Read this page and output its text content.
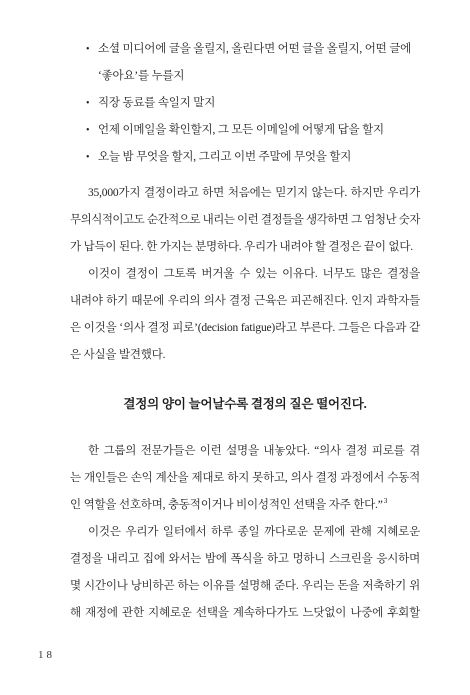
• 소셜 미디어에 글을 올릴지, 올린다면 어떤 글을 올릴지, 어떤 글에
‘좋아요’를 누를지
• 직장 동료를 속일지 말지
• 언제 이메일을 확인할지, 그 모든 이메일에 어떻게 답을 할지
• 오늘 밤 무엇을 할지, 그리고 이번 주말에 무엇을 할지
35,000가지 결정이라고 하면 처음에는 믿기지 않는다. 하지만 우리가
무의식적이고도 순간적으로 내리는 이런 결정들을 생각하면 그 엄청난 숫자
가 납득이 된다. 한 가지는 분명하다. 우리가 내려야 할 결정은 끝이 없다.
이것이 결정이 그토록 버거울 수 있는 이유다. 너무도 많은 결정을
내려야 하기 때문에 우리의 의사 결정 근육은 피곤해진다. 인지 과학자들
은 이것을 ‘의사 결정 피로’(decision fatigue)라고 부른다. 그들은 다음과 같
은 사실을 발견했다.
결정의 양이 늘어날수록 결정의 질은 떨어진다.
한 그룹의 전문가들은 이런 설명을 내놓았다. “의사 결정 피로를 겪
는 개인들은 손익 계산을 제대로 하지 못하고, 의사 결정 과정에서 수동적
인 역할을 선호하며, 충동적이거나 비이성적인 선택을 자주 한다.”$^3$
이것은 우리가 일터에서 하루 종일 까다로운 문제에 관해 지혜로운
결정을 내리고 집에 와서는 밤에 폭식을 하고 멍하니 스크린을 응시하며
몇 시간이나 낭비하곤 하는 이유를 설명해 준다. 우리는 돈을 저축하기 위
해 재정에 관한 지혜로운 선택을 계속하다가도 느닷없이 나중에 후회할
18
